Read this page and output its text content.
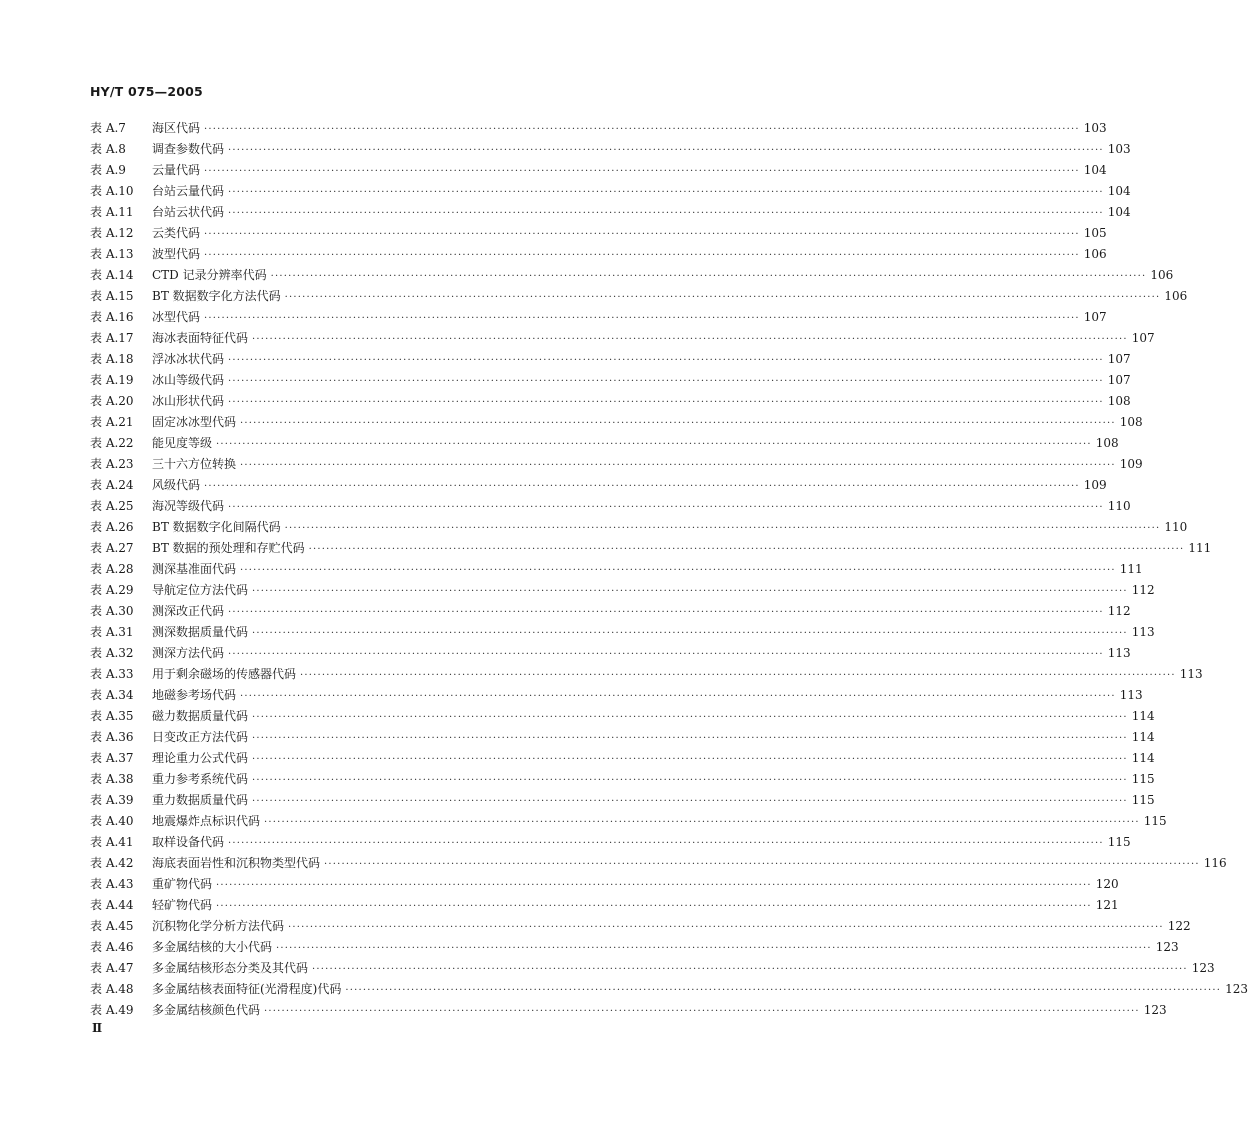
HY/T 075—2005
表 A.7	海区代码 ········································································································································································································ 103
表 A.8	调查参数代码 ········································································································································································································ 103
表 A.9	云量代码 ········································································································································································································ 104
表 A.10	台站云量代码 ········································································································································································································ 104
表 A.11	台站云状代码 ········································································································································································································ 104
表 A.12	云类代码 ········································································································································································································ 105
表 A.13	波型代码 ········································································································································································································ 106
表 A.14	CTD 记录分辨率代码 ········································································································································································································ 106
表 A.15	BT 数据数字化方法代码 ········································································································································································································ 106
表 A.16	冰型代码 ········································································································································································································ 107
表 A.17	海冰表面特征代码 ········································································································································································································ 107
表 A.18	浮冰冰状代码 ········································································································································································································ 107
表 A.19	冰山等级代码 ········································································································································································································ 107
表 A.20	冰山形状代码 ········································································································································································································ 108
表 A.21	固定冰冰型代码 ········································································································································································································ 108
表 A.22	能见度等级 ········································································································································································································ 108
表 A.23	三十六方位转换 ········································································································································································································ 109
表 A.24	风级代码 ········································································································································································································ 109
表 A.25	海况等级代码 ········································································································································································································ 110
表 A.26	BT 数据数字化间隔代码 ········································································································································································································ 110
表 A.27	BT 数据的预处理和存贮代码 ········································································································································································································ 111
表 A.28	测深基准面代码 ········································································································································································································ 111
表 A.29	导航定位方法代码 ········································································································································································································ 112
表 A.30	测深改正代码 ········································································································································································································ 112
表 A.31	测深数据质量代码 ········································································································································································································ 113
表 A.32	测深方法代码 ········································································································································································································ 113
表 A.33	用于剩余磁场的传感器代码 ········································································································································································································ 113
表 A.34	地磁参考场代码 ········································································································································································································ 113
表 A.35	磁力数据质量代码 ········································································································································································································ 114
表 A.36	日变改正方法代码 ········································································································································································································ 114
表 A.37	理论重力公式代码 ········································································································································································································ 114
表 A.38	重力参考系统代码 ········································································································································································································ 115
表 A.39	重力数据质量代码 ········································································································································································································ 115
表 A.40	地震爆炸点标识代码 ········································································································································································································ 115
表 A.41	取样设备代码 ········································································································································································································ 115
表 A.42	海底表面岩性和沉积物类型代码 ········································································································································································································ 116
表 A.43	重矿物代码 ········································································································································································································ 120
表 A.44	轻矿物代码 ········································································································································································································ 121
表 A.45	沉积物化学分析方法代码 ········································································································································································································ 122
表 A.46	多金属结核的大小代码 ········································································································································································································ 123
表 A.47	多金属结核形态分类及其代码 ········································································································································································································ 123
表 A.48	多金属结核表面特征(光滑程度)代码 ········································································································································································································ 123
表 A.49	多金属结核颜色代码 ········································································································································································································ 123
Ⅱ
